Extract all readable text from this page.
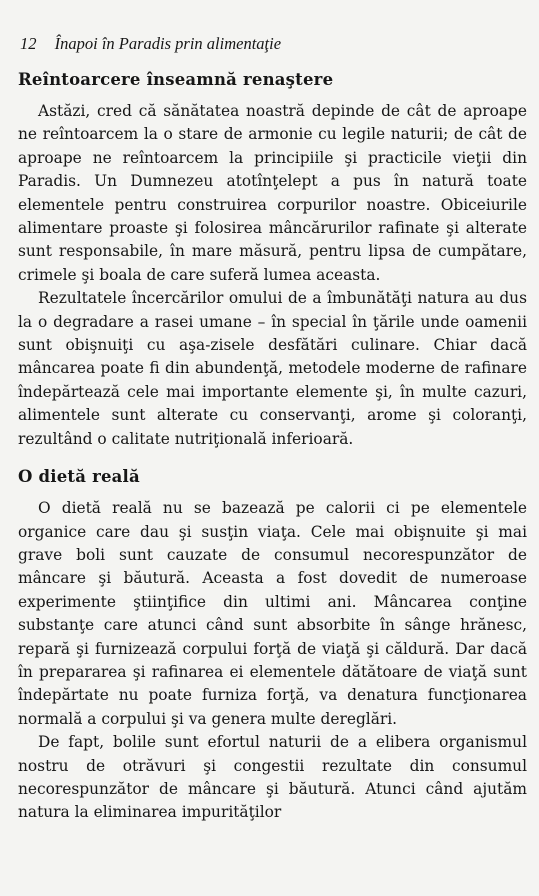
12 Înapoi în Paradis prin alimentaţie
Reîntoarcere înseamnă renaştere

Astăzi, cred că sănătatea noastră depinde de cât de aproape ne reîntoarcem la o stare de armonie cu legile naturii; de cât de aproape ne reîntoarcem la principiile şi practicile vieţii din Paradis. Un Dumnezeu atotînţelept a pus în natură toate elementele pentru construirea corpurilor noastre. Obiceiurile alimentare proaste şi folosirea mâncărurilor rafinate şi alterate sunt responsabile, în mare măsură, pentru lipsa de cumpătare, crimele şi boala de care suferă lumea aceasta.

Rezultatele încercărilor omului de a îmbunătăţi natura au dus la o degradare a rasei umane – în special în ţările unde oamenii sunt obişnuiţi cu aşa-zisele desfătări culinare. Chiar dacă mâncarea poate fi din abundenţă, metodele moderne de rafinare îndepărtează cele mai importante elemente şi, în multe cazuri, alimentele sunt alterate cu conservanţi, arome şi coloranţi, rezultând o calitate nutriţională inferioară.

O dietă reală

O dietă reală nu se bazează pe calorii ci pe elementele organice care dau şi susţin viaţa. Cele mai obişnuite şi mai grave boli sunt cauzate de consumul necorespunzător de mâncare şi băutură. Aceasta a fost dovedit de numeroase experimente ştiinţifice din ultimi ani. Mâncarea conţine substanţe care atunci când sunt absorbite în sânge hrănesc, repară şi furnizează corpului forţă de viaţă şi căldură. Dar dacă în prepararea şi rafinarea ei elementele dătătoare de viaţă sunt îndepărtate nu poate furniza forţă, va denatura funcţionarea normală a corpului şi va genera multe dereglări.

De fapt, bolile sunt efortul naturii de a elibera organismul nostru de otrăvuri şi congestii rezultate din consumul necorespunzător de mâncare şi băutură. Atunci când ajutăm natura la eliminarea impurităţilor
